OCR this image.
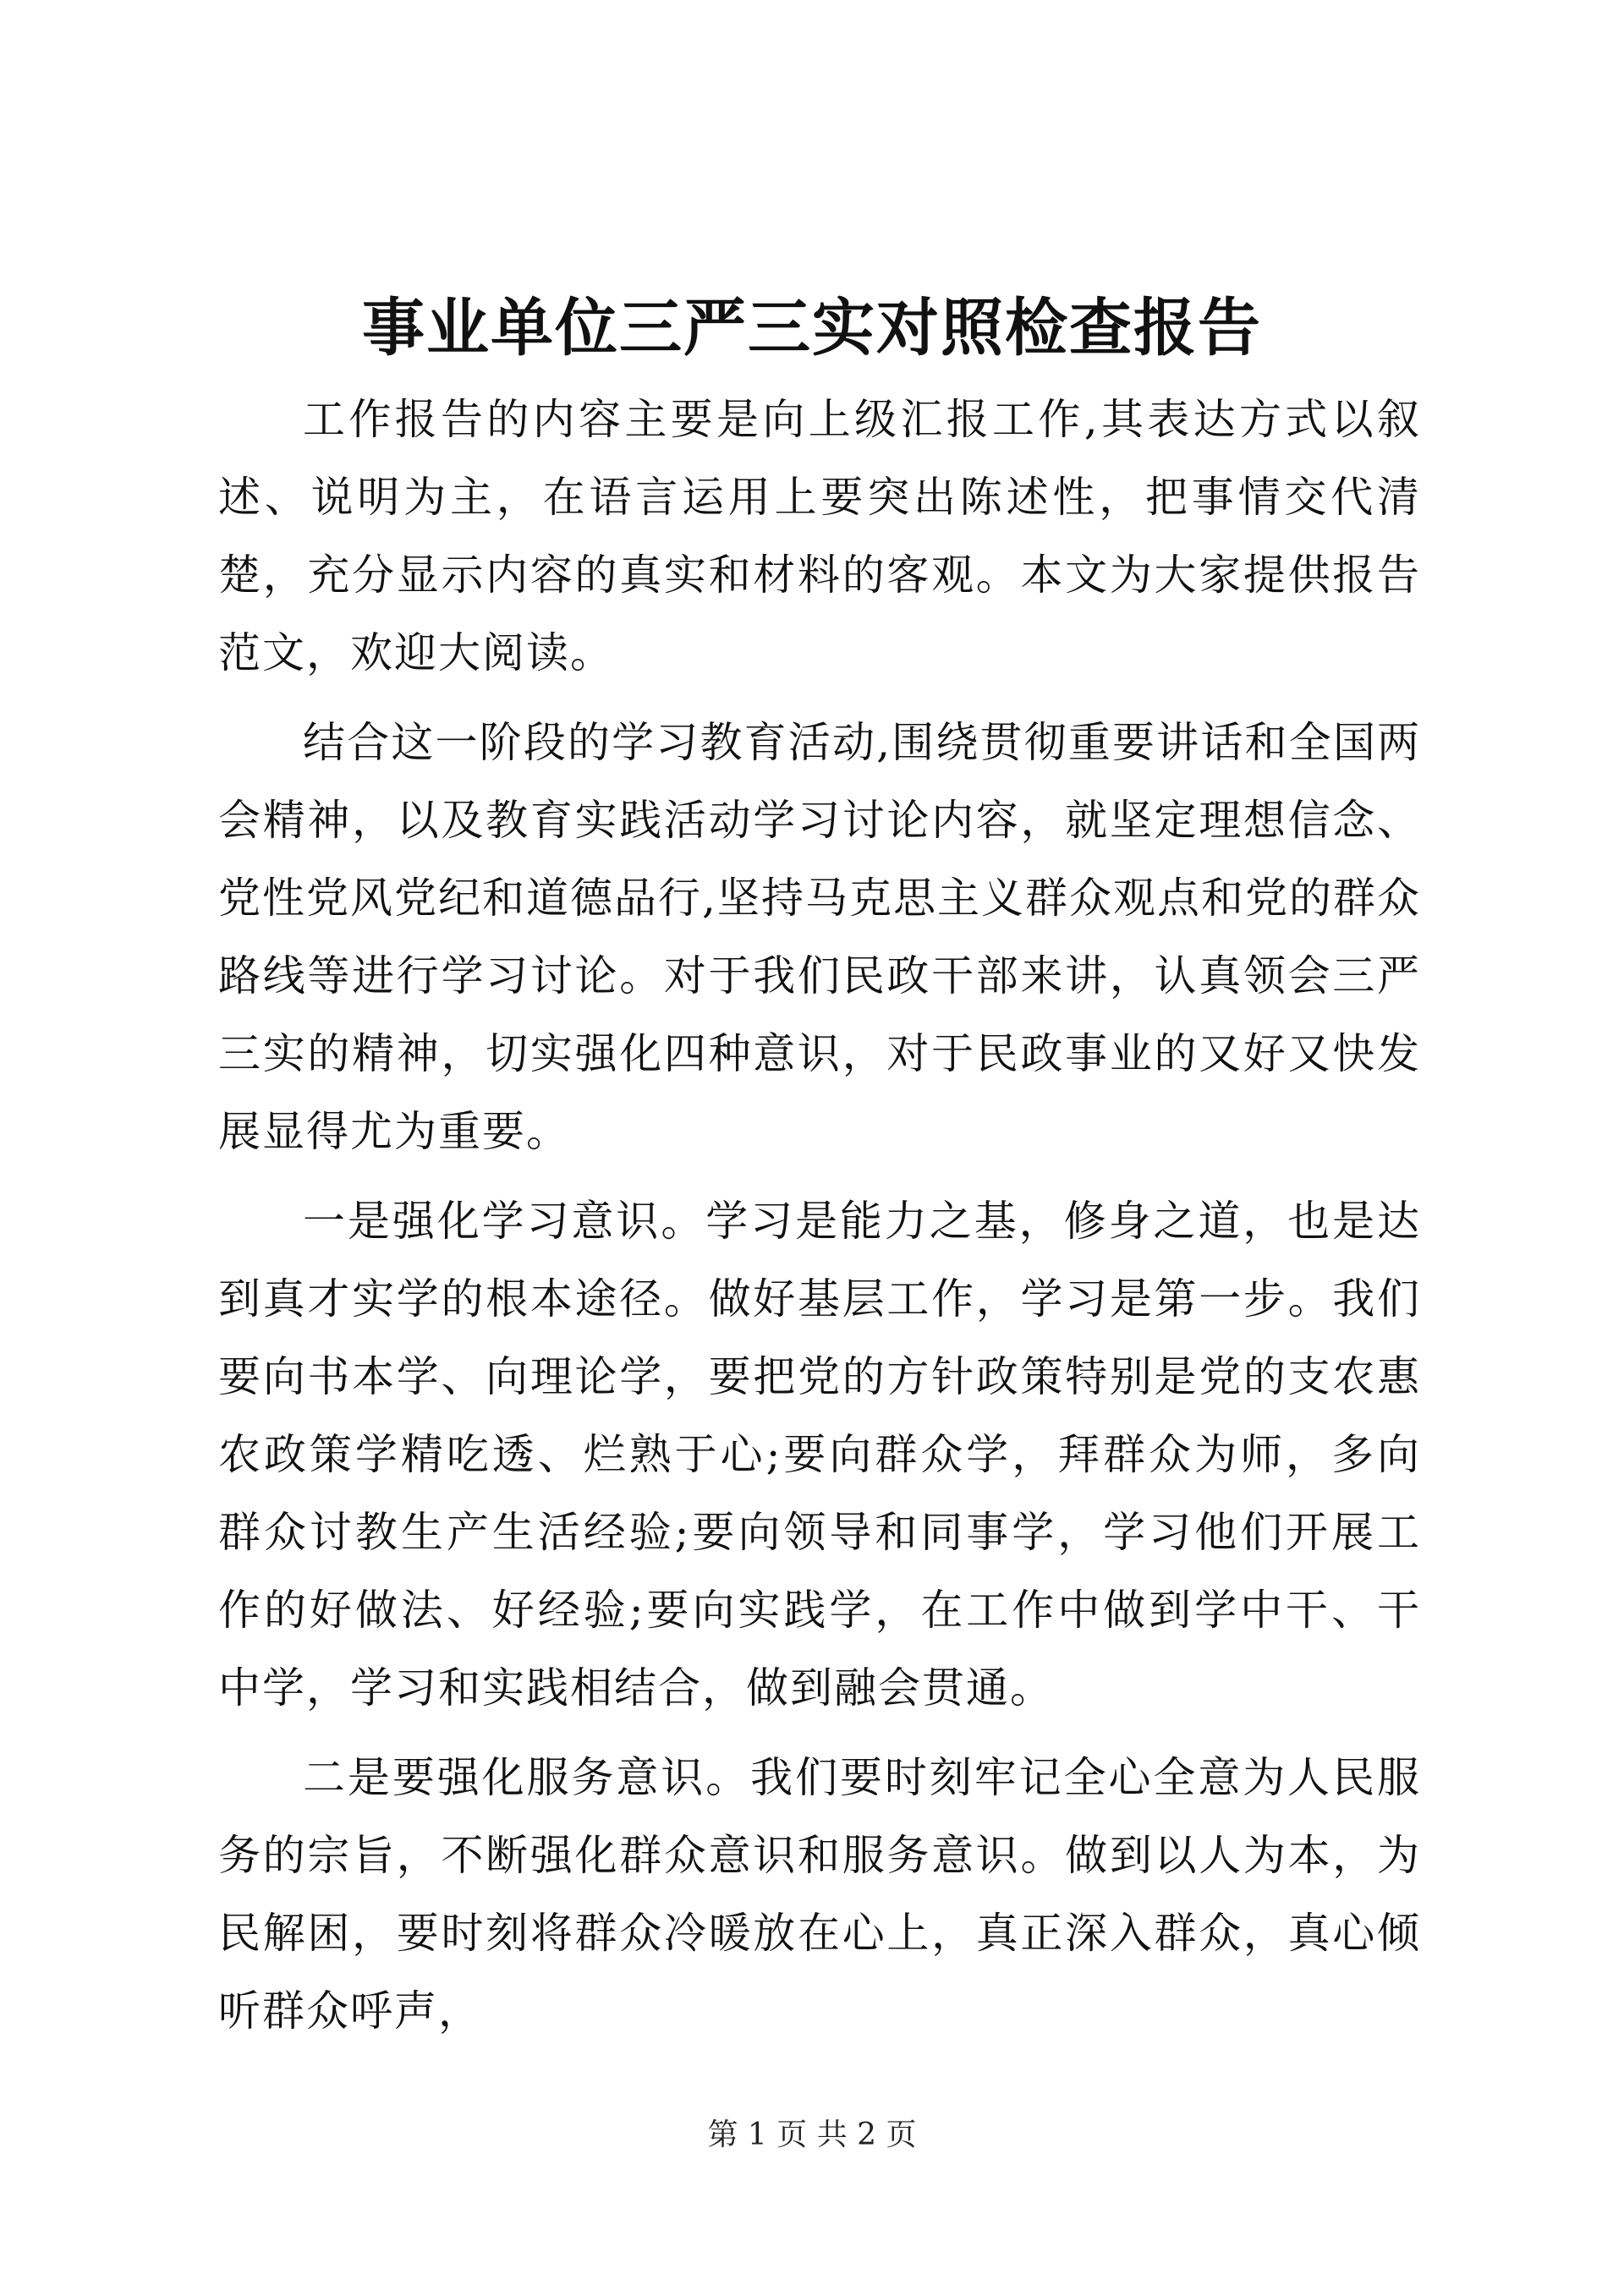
事业单位三严三实对照检查报告

工作报告的内容主要是向上级汇报工作,其表达方式以叙述、说明为主，在语言运用上要突出陈述性，把事情交代清楚，充分显示内容的真实和材料的客观。本文为大家提供报告范文，欢迎大阅读。

结合这一阶段的学习教育活动,围绕贯彻重要讲话和全国两会精神，以及教育实践活动学习讨论内容，就坚定理想信念、党性党风党纪和道德品行,坚持马克思主义群众观点和党的群众路线等进行学习讨论。对于我们民政干部来讲，认真领会三严三实的精神，切实强化四种意识，对于民政事业的又好又快发展显得尤为重要。

一是强化学习意识。学习是能力之基，修身之道，也是达到真才实学的根本途径。做好基层工作，学习是第一步。我们要向书本学、向理论学，要把党的方针政策特别是党的支农惠农政策学精吃透、烂熟于心;要向群众学，拜群众为师，多向群众讨教生产生活经验;要向领导和同事学，学习他们开展工作的好做法、好经验;要向实践学，在工作中做到学中干、干中学，学习和实践相结合，做到融会贯通。

二是要强化服务意识。我们要时刻牢记全心全意为人民服务的宗旨，不断强化群众意识和服务意识。做到以人为本，为民解困，要时刻将群众冷暖放在心上，真正深入群众，真心倾听群众呼声，

第 1 页 共 2 页
